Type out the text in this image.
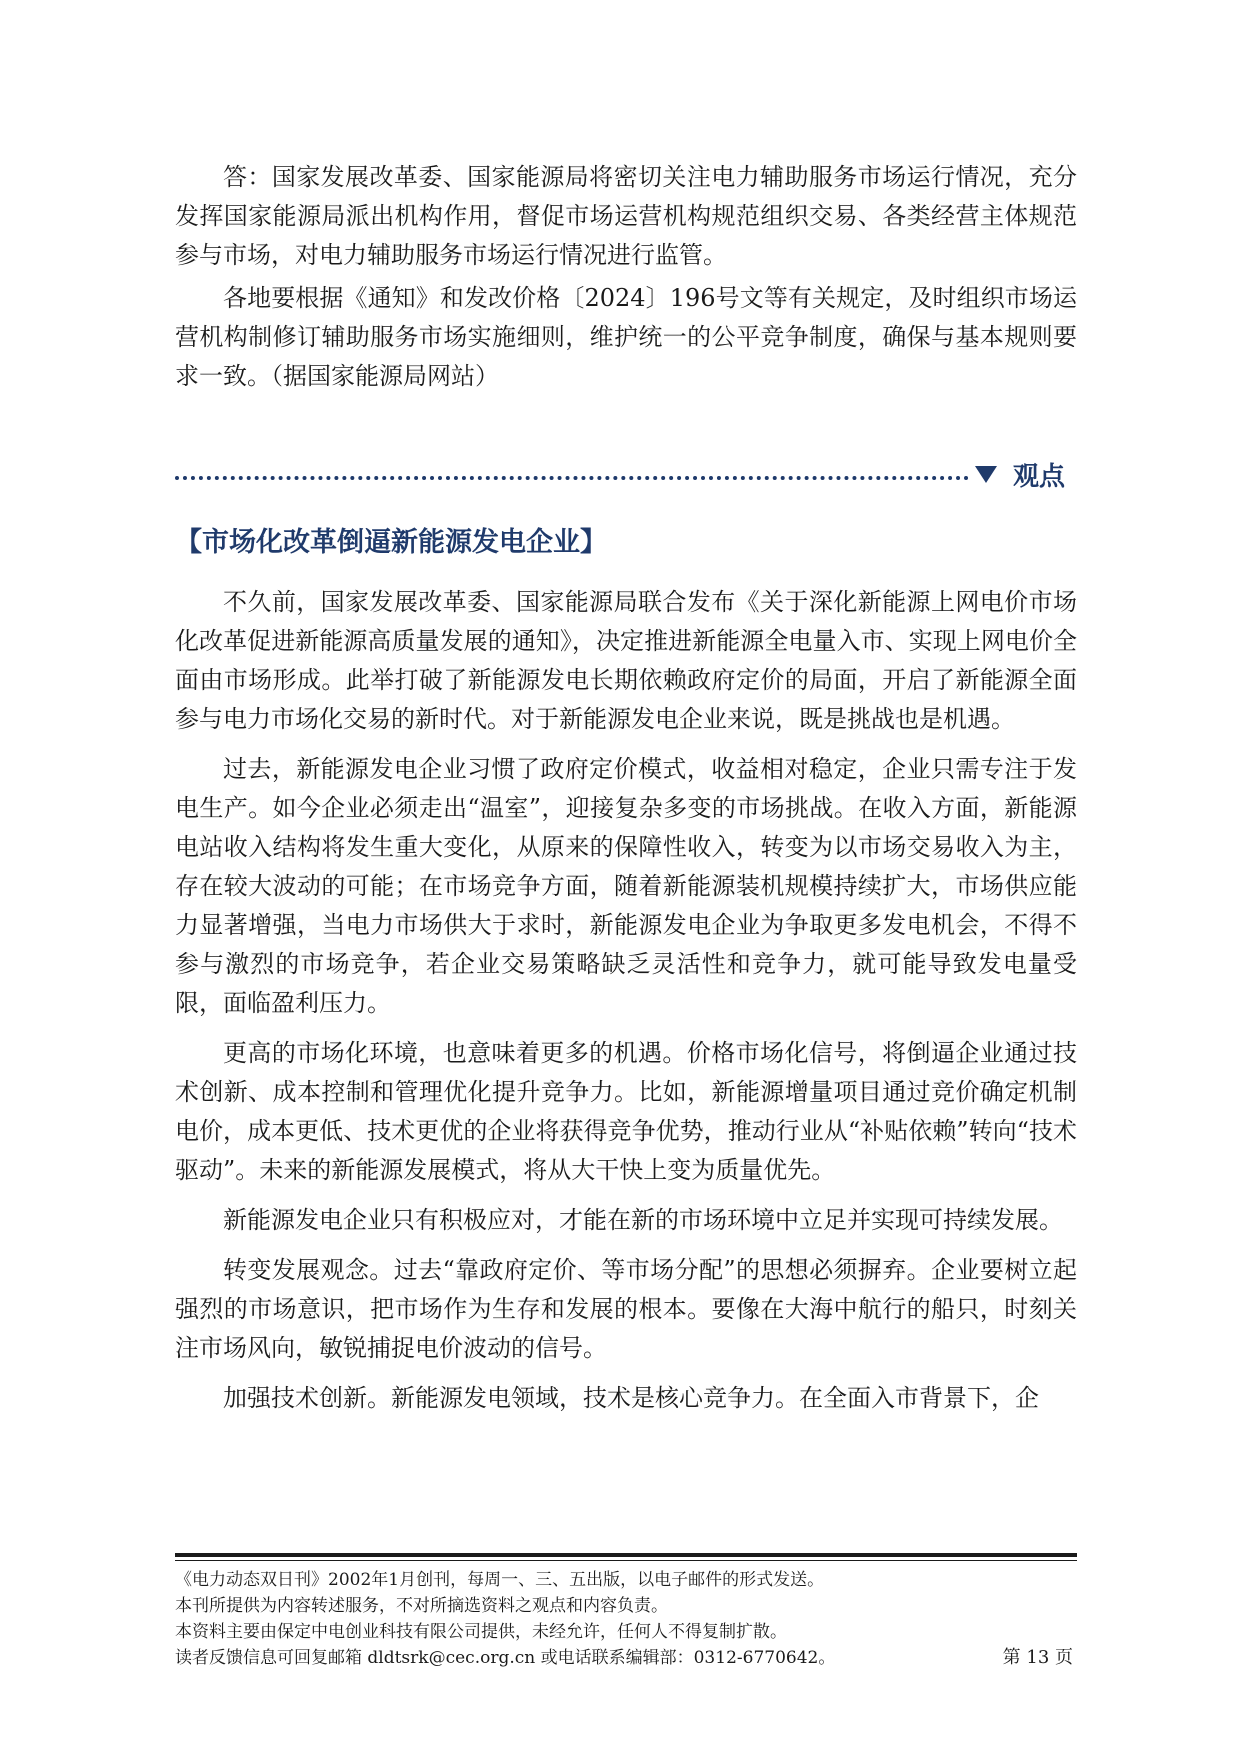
答：国家发展改革委、国家能源局将密切关注电力辅助服务市场运行情况，充分发挥国家能源局派出机构作用，督促市场运营机构规范组织交易、各类经营主体规范参与市场，对电力辅助服务市场运行情况进行监管。

各地要根据《通知》和发改价格〔2024〕196号文等有关规定，及时组织市场运营机构制修订辅助服务市场实施细则，维护统一的公平竞争制度，确保与基本规则要求一致。（据国家能源局网站）

观点
【市场化改革倒逼新能源发电企业】

不久前，国家发展改革委、国家能源局联合发布《关于深化新能源上网电价市场化改革促进新能源高质量发展的通知》，决定推进新能源全电量入市、实现上网电价全面由市场形成。此举打破了新能源发电长期依赖政府定价的局面，开启了新能源全面参与电力市场化交易的新时代。对于新能源发电企业来说，既是挑战也是机遇。

过去，新能源发电企业习惯了政府定价模式，收益相对稳定，企业只需专注于发电生产。如今企业必须走出“温室”，迎接复杂多变的市场挑战。在收入方面，新能源电站收入结构将发生重大变化，从原来的保障性收入，转变为以市场交易收入为主，存在较大波动的可能；在市场竞争方面，随着新能源装机规模持续扩大，市场供应能力显著增强，当电力市场供大于求时，新能源发电企业为争取更多发电机会，不得不参与激烈的市场竞争，若企业交易策略缺乏灵活性和竞争力，就可能导致发电量受限，面临盈利压力。

更高的市场化环境，也意味着更多的机遇。价格市场化信号，将倒逼企业通过技术创新、成本控制和管理优化提升竞争力。比如，新能源增量项目通过竞价确定机制电价，成本更低、技术更优的企业将获得竞争优势，推动行业从“补贴依赖”转向“技术驱动”。未来的新能源发展模式，将从大干快上变为质量优先。

新能源发电企业只有积极应对，才能在新的市场环境中立足并实现可持续发展。

转变发展观念。过去“靠政府定价、等市场分配”的思想必须摒弃。企业要树立起强烈的市场意识，把市场作为生存和发展的根本。要像在大海中航行的船只，时刻关注市场风向，敏锐捕捉电价波动的信号。

加强技术创新。新能源发电领域，技术是核心竞争力。在全面入市背景下，企

《电力动态双日刊》2002年1月创刊，每周一、三、五出版，以电子邮件的形式发送。
本刊所提供为内容转述服务，不对所摘选资料之观点和内容负责。
本资料主要由保定中电创业科技有限公司提供，未经允许，任何人不得复制扩散。
读者反馈信息可回复邮箱 dldtsrk@cec.org.cn 或电话联系编辑部：0312-6770642。	第 13 页
